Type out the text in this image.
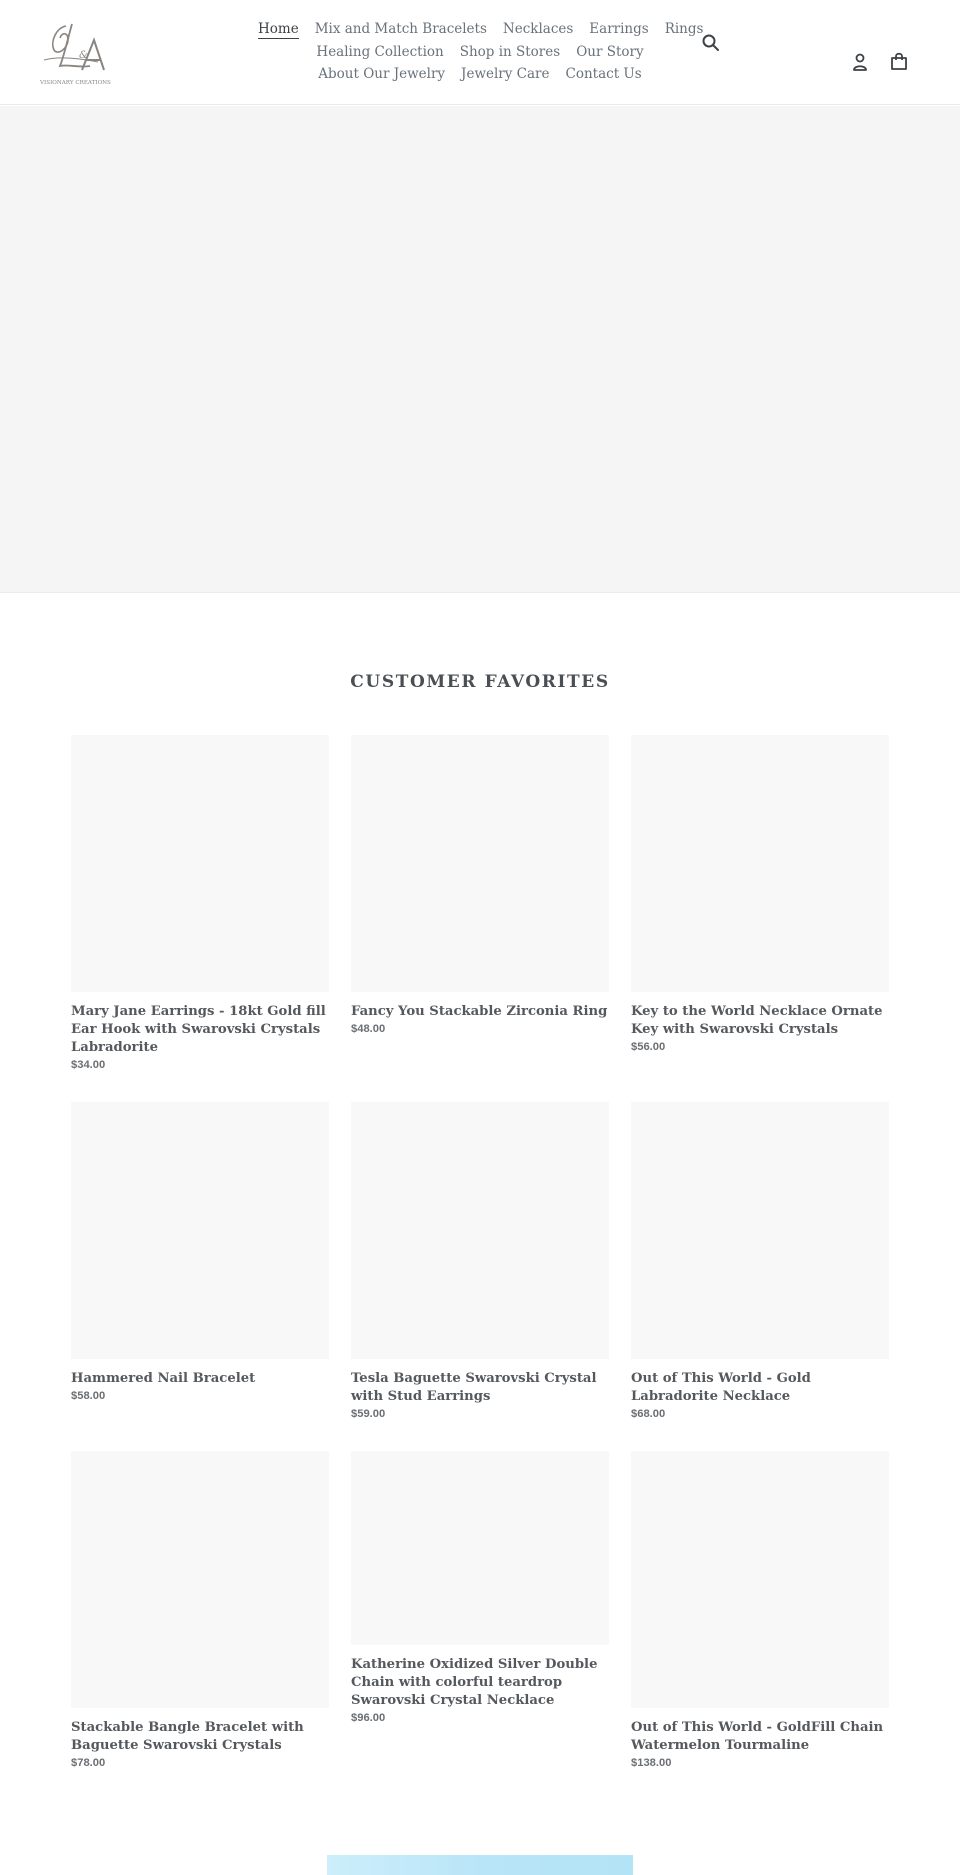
&
VISIONARY CREATIONS
Home Mix and Match Bracelets Necklaces Earrings Rings
Healing Collection Shop in Stores Our Story
About Our Jewelry Jewelry Care Contact Us
CUSTOMER FAVORITES
Mary Jane Earrings - 18kt Gold fill Ear Hook with Swarovski Crystals Labradorite
$34.00
Fancy You Stackable Zirconia Ring
$48.00
Key to the World Necklace Ornate Key with Swarovski Crystals
$56.00
Hammered Nail Bracelet
$58.00
Tesla Baguette Swarovski Crystal with Stud Earrings
$59.00
Out of This World - Gold Labradorite Necklace
$68.00
Stackable Bangle Bracelet with Baguette Swarovski Crystals
$78.00
Katherine Oxidized Silver Double Chain with colorful teardrop Swarovski Crystal Necklace
$96.00
Out of This World - GoldFill Chain Watermelon Tourmaline
$138.00
